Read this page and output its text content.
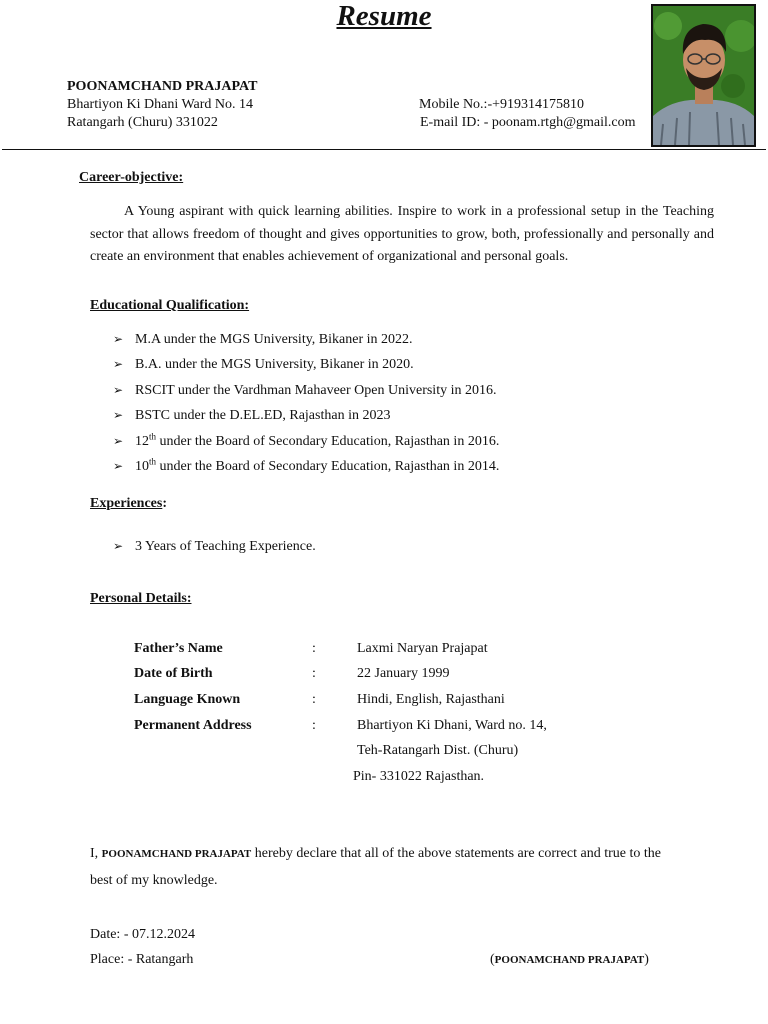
Resume
POONAMCHAND PRAJAPAT
Bhartiyon Ki Dhani Ward No. 14
Ratangarh (Churu) 331022
Mobile No.:-+919314175810
E-mail ID: - poonam.rtgh@gmail.com
Career-objective:
A Young aspirant with quick learning abilities. Inspire to work in a professional setup in the Teaching sector that allows freedom of thought and gives opportunities to grow, both, professionally and personally and create an environment that enables achievement of organizational and personal goals.
Educational Qualification:
➢ M.A under the MGS University, Bikaner in 2022.
➢ B.A. under the MGS University, Bikaner in 2020.
➢ RSCIT under the Vardhman Mahaveer Open University in 2016.
➢ BSTC under the D.EL.ED, Rajasthan in 2023
➢ 12th under the Board of Secondary Education, Rajasthan in 2016.
➢ 10th under the Board of Secondary Education, Rajasthan in 2014.
Experiences:
➢ 3 Years of Teaching Experience.
Personal Details:
Father’s Name	:	Laxmi Naryan Prajapat
Date of Birth	:	22 January 1999
Language Known	:	Hindi, English, Rajasthani
Permanent Address	:	Bhartiyon Ki Dhani, Ward no. 14,
Teh-Ratangarh Dist. (Churu)
Pin- 331022 Rajasthan.
I, POONAMCHAND PRAJAPAT hereby declare that all of the above statements are correct and true to the
best of my knowledge.
Date: - 07.12.2024
Place: - Ratangarh	(POONAMCHAND PRAJAPAT)
